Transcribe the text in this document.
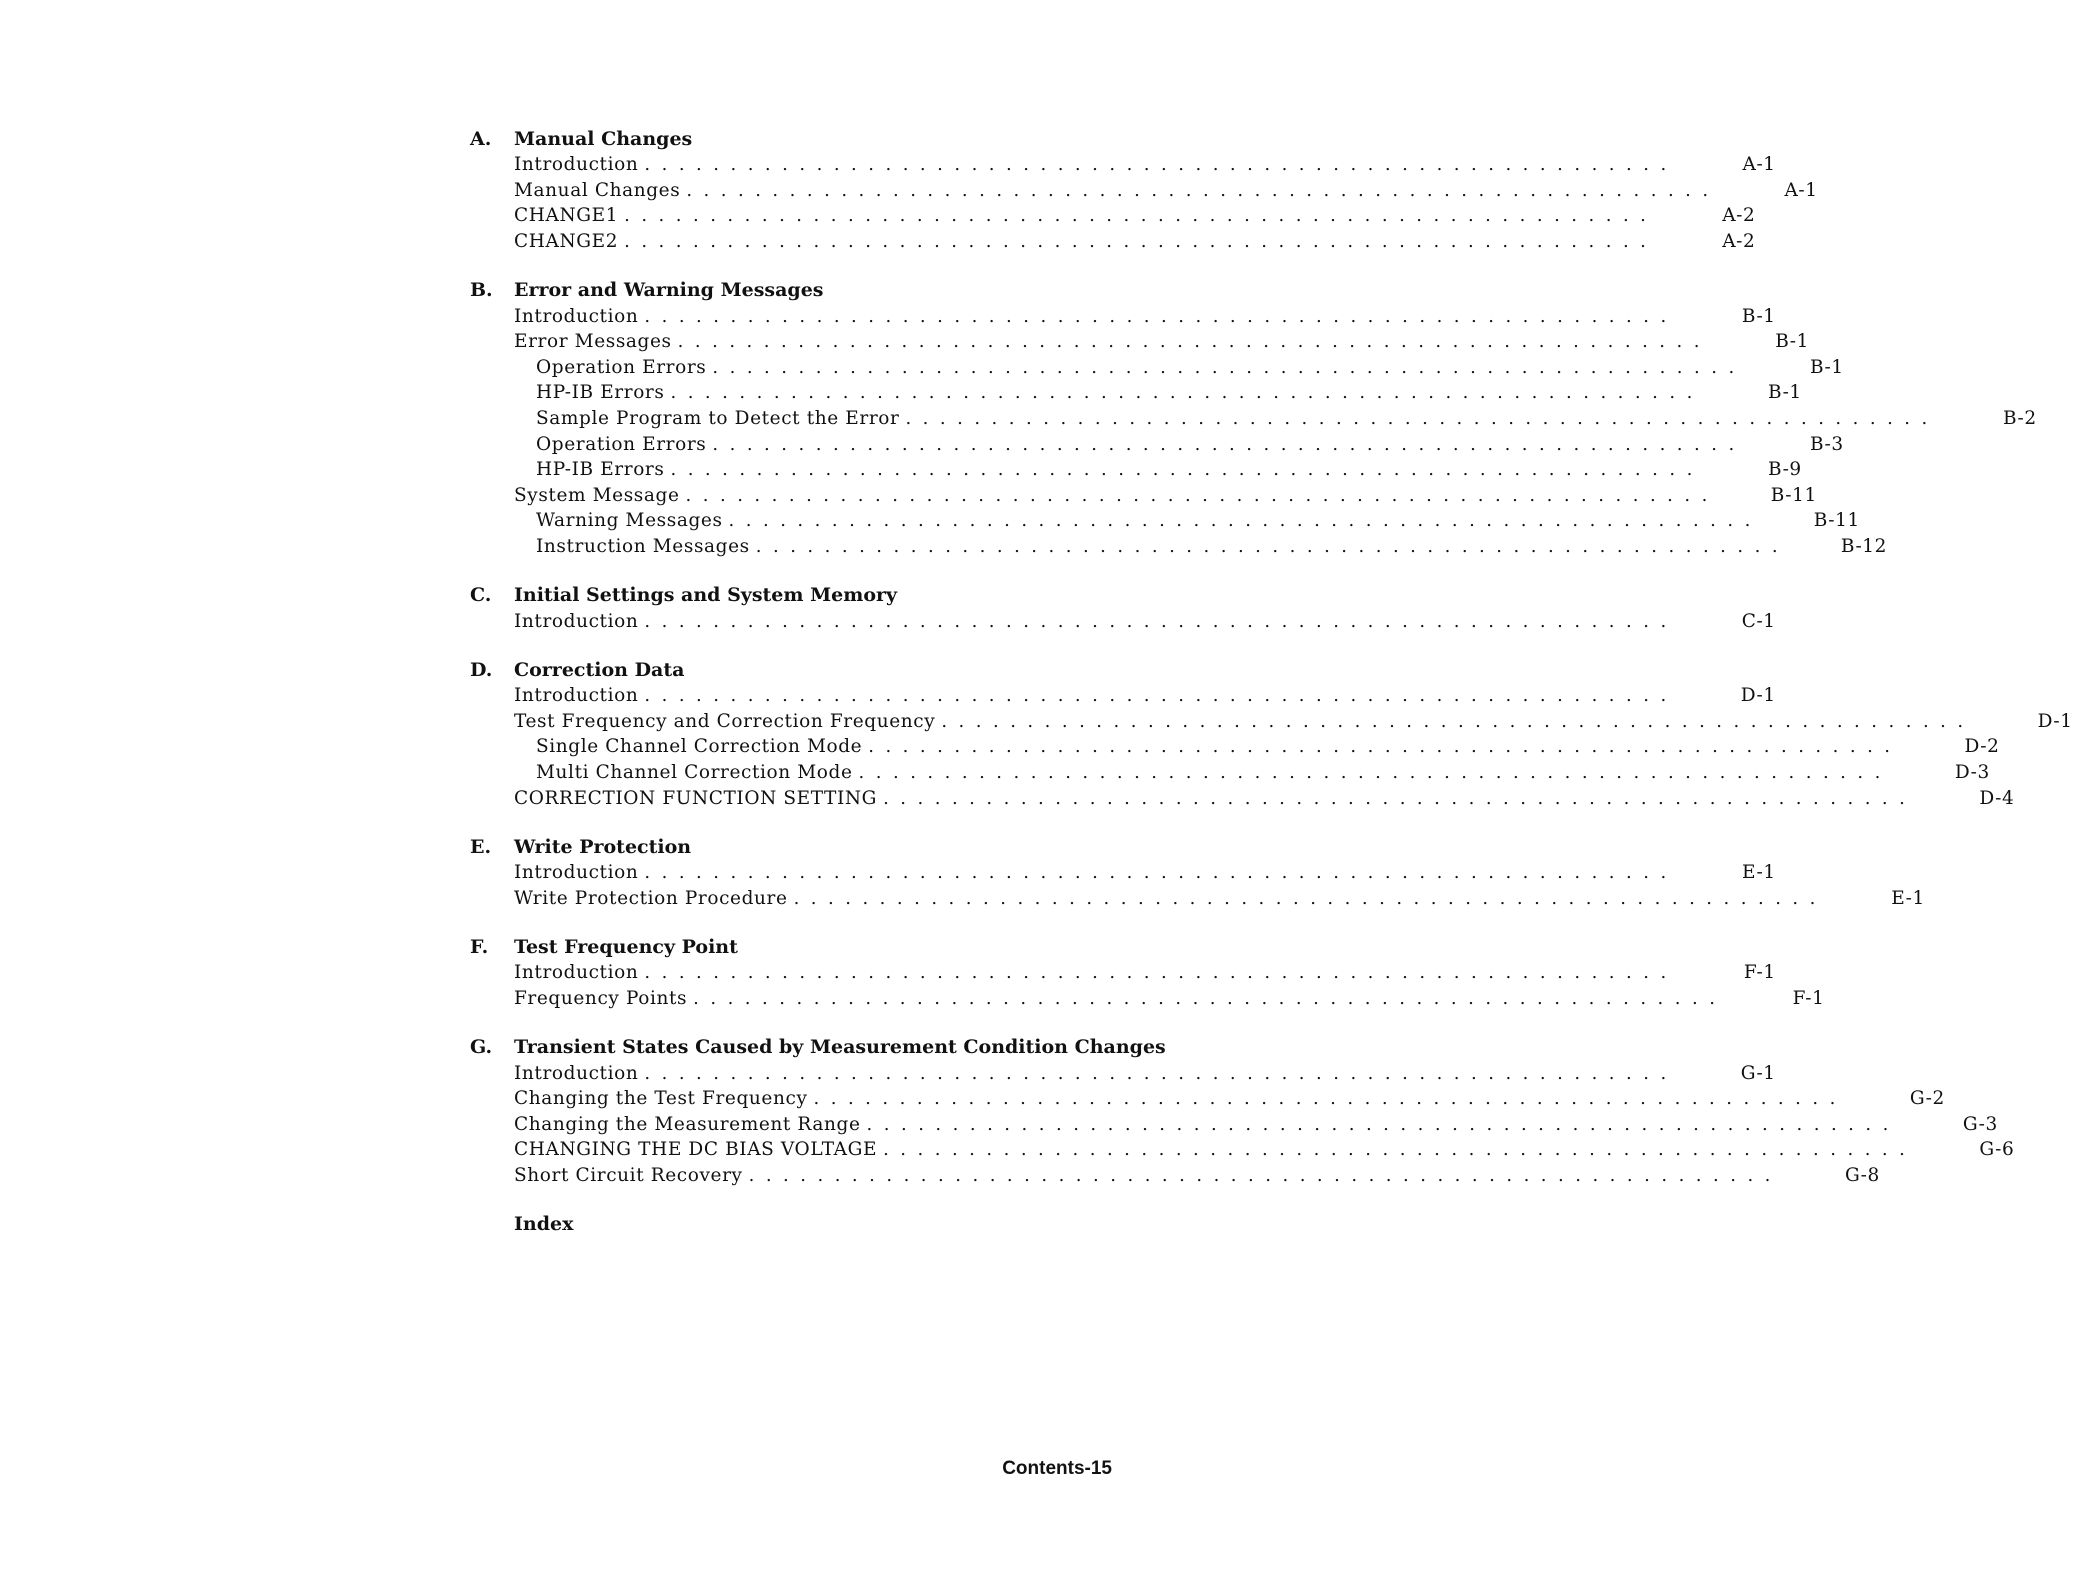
A.	Manual Changes
Introduction ............................................................	A-1
Manual Changes ............................................................	A-1
CHANGE1 ............................................................	A-2
CHANGE2 ............................................................	A-2
B.	Error and Warning Messages
Introduction ............................................................	B-1
Error Messages ............................................................	B-1
Operation Errors ............................................................	B-1
HP-IB Errors ............................................................	B-1
Sample Program to Detect the Error ............................................................	B-2
Operation Errors ............................................................	B-3
HP-IB Errors ............................................................	B-9
System Message ............................................................	B-11
Warning Messages ............................................................	B-11
Instruction Messages ............................................................	B-12
C.	Initial Settings and System Memory
Introduction ............................................................	C-1
D.	Correction Data
Introduction ............................................................	D-1
Test Frequency and Correction Frequency ............................................................	D-1
Single Channel Correction Mode ............................................................	D-2
Multi Channel Correction Mode ............................................................	D-3
CORRECTION FUNCTION SETTING ............................................................	D-4
E.	Write Protection
Introduction ............................................................	E-1
Write Protection Procedure ............................................................	E-1
F.	Test Frequency Point
Introduction ............................................................	F-1
Frequency Points ............................................................	F-1
G.	Transient States Caused by Measurement Condition Changes
Introduction ............................................................	G-1
Changing the Test Frequency ............................................................	G-2
Changing the Measurement Range ............................................................	G-3
CHANGING THE DC BIAS VOLTAGE ............................................................	G-6
Short Circuit Recovery ............................................................	G-8
Index
Contents-15
